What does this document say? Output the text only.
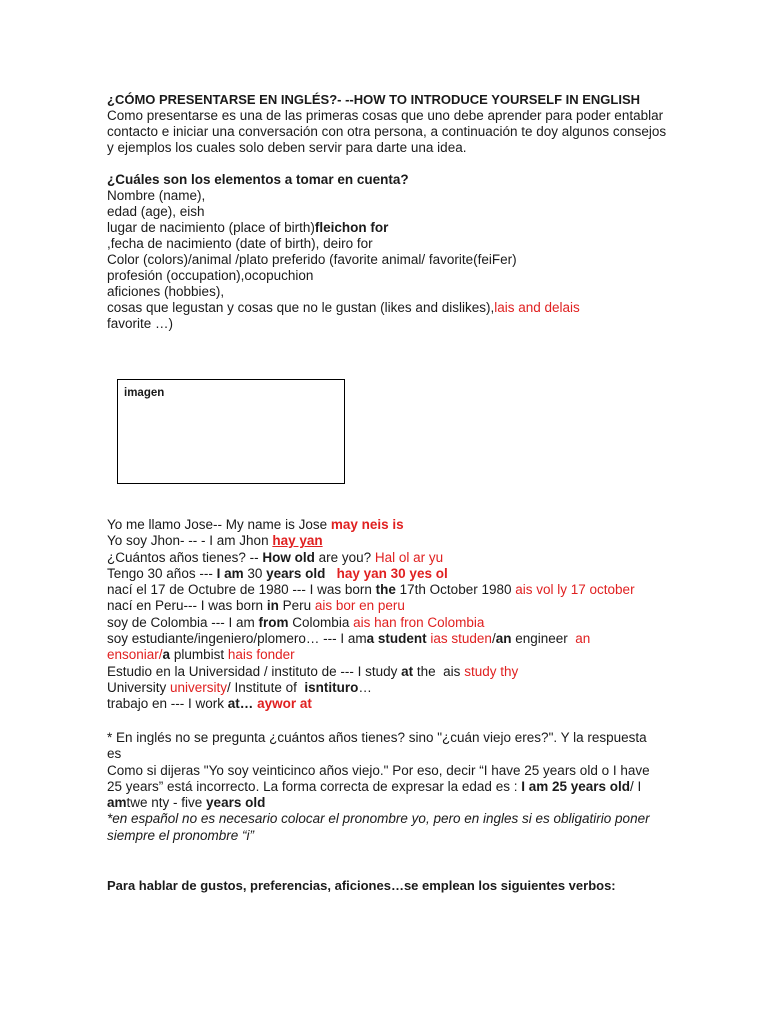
¿CÓMO PRESENTARSE EN INGLÉS?- --HOW TO INTRODUCE YOURSELF IN ENGLISH
Como presentarse es una de las primeras cosas que uno debe aprender para poder entablar contacto e iniciar una conversación con otra persona, a continuación te doy algunos consejos y ejemplos los cuales solo deben servir para darte una idea.
¿Cuáles son los elementos a tomar en cuenta?
Nombre (name),
edad (age), eish
lugar de nacimiento (place of birth)fleichon for
,fecha de nacimiento (date of birth), deiro for
Color (colors)/animal /plato preferido (favorite animal/ favorite(feiFer)
profesión (occupation),ocopuchion
aficiones (hobbies),
cosas que legustan y cosas que no le gustan (likes and dislikes),lais and delais
favorite …)
imagen
Yo me llamo Jose-- My name is Jose may neis is
Yo soy Jhon- -- - I am Jhon hay yan
¿Cuántos años tienes? -- How old are you? Hal ol ar yu
Tengo 30 años --- I am 30 years old   hay yan 30 yes ol
nací el 17 de Octubre de 1980 --- I was born the 17th October 1980 ais vol ly 17 october
nací en Peru--- I was born in Peru ais bor en peru
soy de Colombia --- I am from Colombia ais han fron Colombia
soy estudiante/ingeniero/plomero… --- I ama student ias studen/an engineer  an
ensoniar/a plumbist hais fonder
Estudio en la Universidad / instituto de --- I study at the  ais study thy
University university/ Institute of  isntituro…
trabajo en --- I work at… aywor at
* En inglés no se pregunta ¿cuántos años tienes? sino "¿cuán viejo eres?". Y la respuesta es
Como si dijeras "Yo soy veinticinco años viejo." Por eso, decir “I have 25 years old o I have
25 years” está incorrecto. La forma correcta de expresar la edad es : I am 25 years old/ I
amtwe nty - five years old
*en español no es necesario colocar el pronombre yo, pero en ingles si es obligatirio poner siempre el pronombre “i”
Para hablar de gustos, preferencias, aficiones…se emplean los siguientes verbos:
